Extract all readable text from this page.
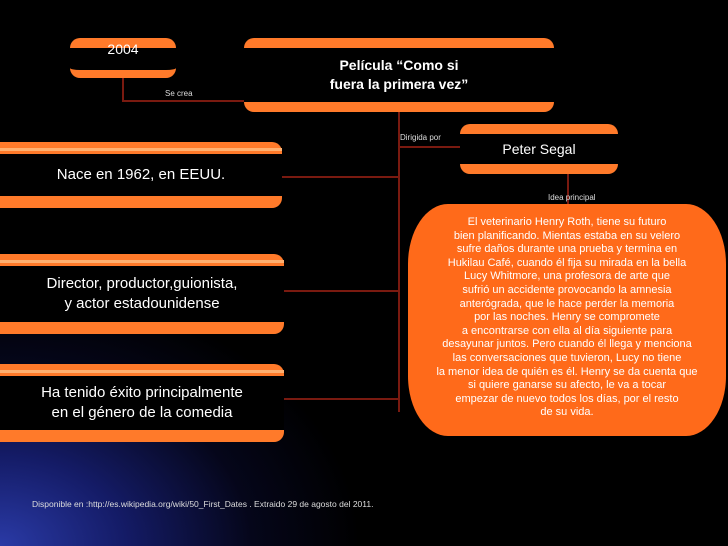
2004
Película “Como si
fuera la primera vez”
Peter Segal
Nace en 1962, en EEUU.
Director, productor,guionista,
y actor estadounidense
Ha tenido éxito principalmente
en el género de la comedia
Se crea
Dirigida por
Idea principal
El veterinario Henry Roth, tiene su futuro
bien planificando. Mientas estaba en su velero
sufre daños durante una prueba y termina en
Hukilau Café, cuando él fija su mirada en la bella
Lucy Whitmore, una profesora de arte que
sufrió un accidente provocando la amnesia
anterógrada, que le hace perder la memoria
por las noches. Henry se compromete
a encontrarse con ella al día siguiente para
desayunar juntos. Pero cuando él llega y menciona
las conversaciones que tuvieron, Lucy no tiene
la menor idea de quién es él. Henry se da cuenta que
si quiere ganarse su afecto, le va a tocar
empezar de nuevo todos los días, por el resto
de su vida.
Disponible en :http://es.wikipedia.org/wiki/50_First_Dates . Extraido 29 de agosto del 2011.
